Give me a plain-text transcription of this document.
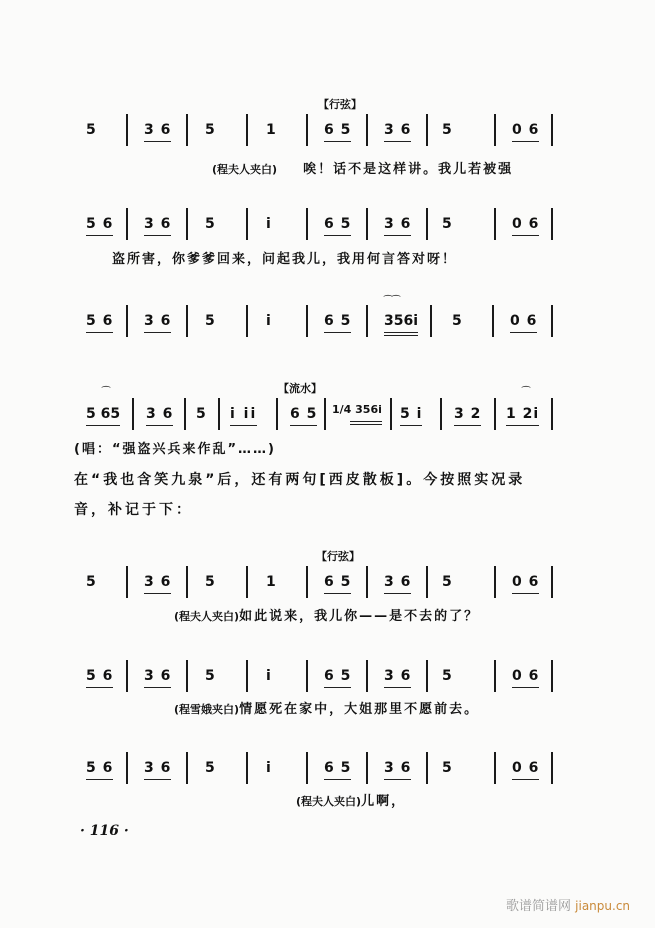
【行弦】
5	3 6 5	1	6 5 3 6 5	0 6
(程夫人夹白) 唉！话不是这样讲。我儿若被强
5 6 3 6 5	i	6 5 3 6 5	0 6
盗所害，你爹爹回来，问起我儿，我用何言答对呀！
5 6 3 6 5	i	6 5
⁀⁀
356i 5	0 6
【流水】
⁀
5 65 3 6 5 i ii 6 5 1/4 356i 5 i 3 2
⁀
1 2i
(唱：“强盗兴兵来作乱”……)
在“我也含笑九泉”后，还有两句[西皮散板]。今按照实况录
音，补记于下：
【行弦】
5	3 6 5	1	6 5 3 6 5	0 6
(程夫人夹白)如此说来，我儿你——是不去的了？
5 6 3 6 5	i	6 5 3 6 5	0 6
(程雪娥夹白)情愿死在家中，大姐那里不愿前去。
5 6 3 6 5	i	6 5 3 6 5	0 6
(程夫人夹白)儿啊，
· 116 ·
歌谱简谱网 jianpu.cn
